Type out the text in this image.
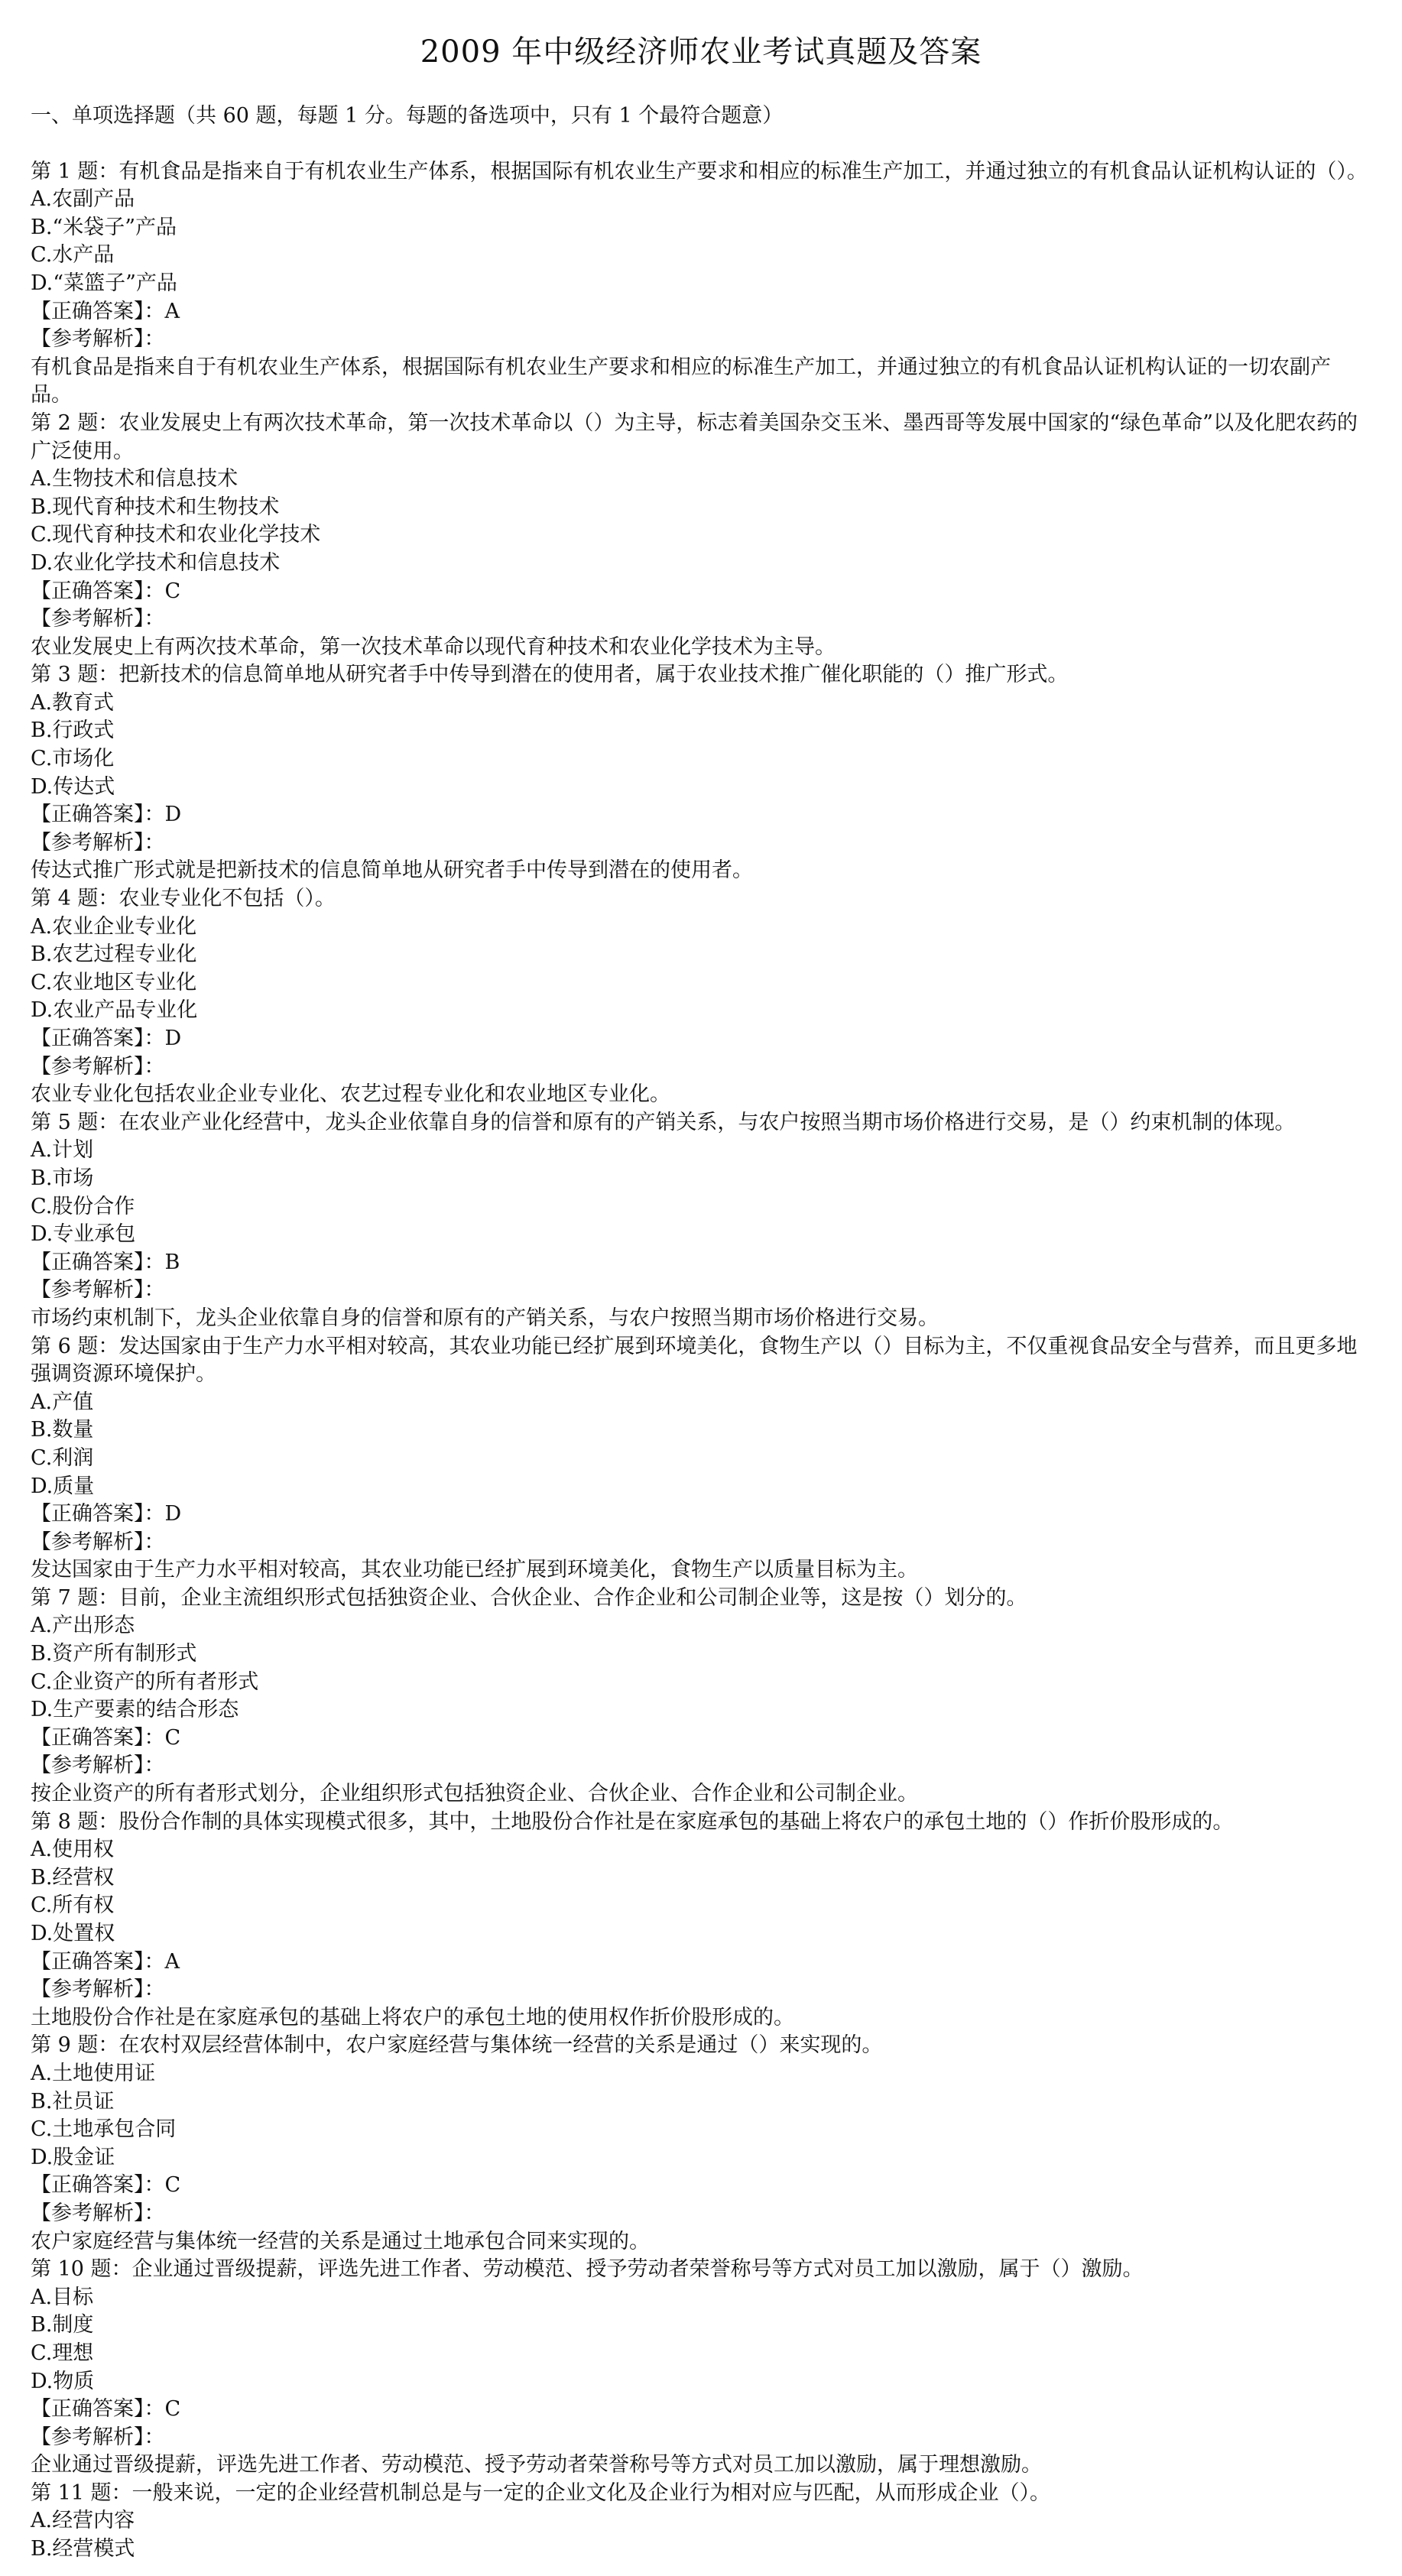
2009 年中级经济师农业考试真题及答案
一、单项选择题（共 60 题，每题 1 分。每题的备选项中，只有 1 个最符合题意）
第 1 题：有机食品是指来自于有机农业生产体系，根据国际有机农业生产要求和相应的标准生产加工，并通过独立的有机食品认证机构认证的（）。
A.农副产品
B.“米袋子”产品
C.水产品
D.“菜篮子”产品
【正确答案】：A
【参考解析】：
有机食品是指来自于有机农业生产体系，根据国际有机农业生产要求和相应的标准生产加工，并通过独立的有机食品认证机构认证的一切农副产品。
第 2 题：农业发展史上有两次技术革命，第一次技术革命以（）为主导，标志着美国杂交玉米、墨西哥等发展中国家的“绿色革命”以及化肥农药的广泛使用。
A.生物技术和信息技术
B.现代育种技术和生物技术
C.现代育种技术和农业化学技术
D.农业化学技术和信息技术
【正确答案】：C
【参考解析】：
农业发展史上有两次技术革命，第一次技术革命以现代育种技术和农业化学技术为主导。
第 3 题：把新技术的信息简单地从研究者手中传导到潜在的使用者，属于农业技术推广催化职能的（）推广形式。
A.教育式
B.行政式
C.市场化
D.传达式
【正确答案】：D
【参考解析】：
传达式推广形式就是把新技术的信息简单地从研究者手中传导到潜在的使用者。
第 4 题：农业专业化不包括（）。
A.农业企业专业化
B.农艺过程专业化
C.农业地区专业化
D.农业产品专业化
【正确答案】：D
【参考解析】：
农业专业化包括农业企业专业化、农艺过程专业化和农业地区专业化。
第 5 题：在农业产业化经营中，龙头企业依靠自身的信誉和原有的产销关系，与农户按照当期市场价格进行交易，是（）约束机制的体现。
A.计划
B.市场
C.股份合作
D.专业承包
【正确答案】：B
【参考解析】：
市场约束机制下，龙头企业依靠自身的信誉和原有的产销关系，与农户按照当期市场价格进行交易。
第 6 题：发达国家由于生产力水平相对较高，其农业功能已经扩展到环境美化，食物生产以（）目标为主，不仅重视食品安全与营养，而且更多地强调资源环境保护。
A.产值
B.数量
C.利润
D.质量
【正确答案】：D
【参考解析】：
发达国家由于生产力水平相对较高，其农业功能已经扩展到环境美化，食物生产以质量目标为主。
第 7 题：目前，企业主流组织形式包括独资企业、合伙企业、合作企业和公司制企业等，这是按（）划分的。
A.产出形态
B.资产所有制形式
C.企业资产的所有者形式
D.生产要素的结合形态
【正确答案】：C
【参考解析】：
按企业资产的所有者形式划分，企业组织形式包括独资企业、合伙企业、合作企业和公司制企业。
第 8 题：股份合作制的具体实现模式很多，其中，土地股份合作社是在家庭承包的基础上将农户的承包土地的（）作折价股形成的。
A.使用权
B.经营权
C.所有权
D.处置权
【正确答案】：A
【参考解析】：
土地股份合作社是在家庭承包的基础上将农户的承包土地的使用权作折价股形成的。
第 9 题：在农村双层经营体制中，农户家庭经营与集体统一经营的关系是通过（）来实现的。
A.土地使用证
B.社员证
C.土地承包合同
D.股金证
【正确答案】：C
【参考解析】：
农户家庭经营与集体统一经营的关系是通过土地承包合同来实现的。
第 10 题：企业通过晋级提薪，评选先进工作者、劳动模范、授予劳动者荣誉称号等方式对员工加以激励，属于（）激励。
A.目标
B.制度
C.理想
D.物质
【正确答案】：C
【参考解析】：
企业通过晋级提薪，评选先进工作者、劳动模范、授予劳动者荣誉称号等方式对员工加以激励，属于理想激励。
第 11 题：一般来说，一定的企业经营机制总是与一定的企业文化及企业行为相对应与匹配，从而形成企业（）。
A.经营内容
B.经营模式
